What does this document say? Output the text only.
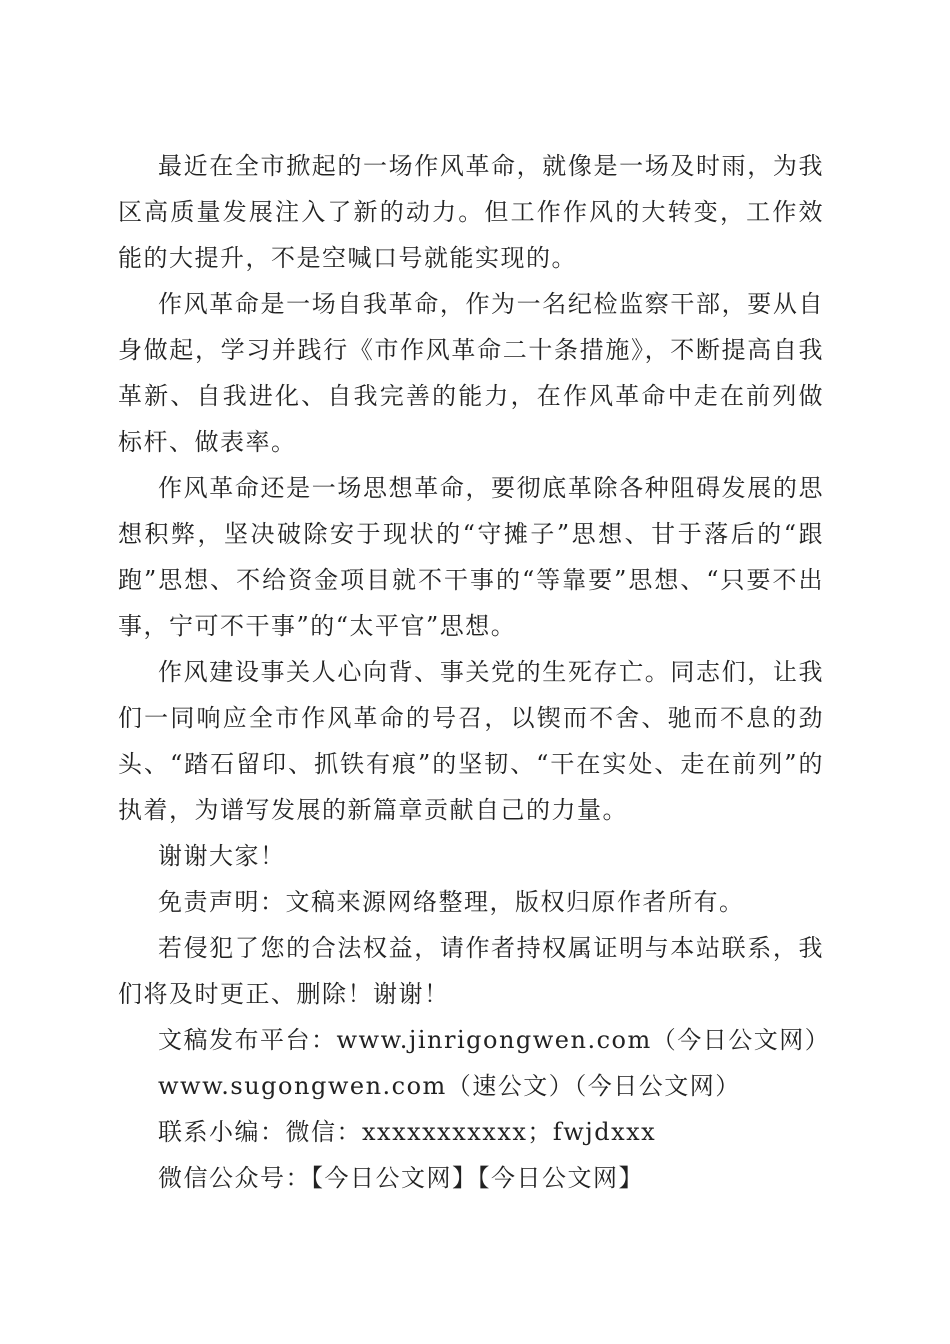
最近在全市掀起的一场作风革命，就像是一场及时雨，为我区高质量发展注入了新的动力。但工作作风的大转变，工作效能的大提升，不是空喊口号就能实现的。

作风革命是一场自我革命，作为一名纪检监察干部，要从自身做起，学习并践行《市作风革命二十条措施》，不断提高自我革新、自我进化、自我完善的能力，在作风革命中走在前列做标杆、做表率。

作风革命还是一场思想革命，要彻底革除各种阻碍发展的思想积弊，坚决破除安于现状的“守摊子”思想、甘于落后的“跟跑”思想、不给资金项目就不干事的“等靠要”思想、“只要不出事，宁可不干事”的“太平官”思想。

作风建设事关人心向背、事关党的生死存亡。同志们，让我们一同响应全市作风革命的号召，以锲而不舍、驰而不息的劲头、“踏石留印、抓铁有痕”的坚韧、“干在实处、走在前列”的执着，为谱写发展的新篇章贡献自己的力量。

谢谢大家！

免责声明：文稿来源网络整理，版权归原作者所有。

若侵犯了您的合法权益，请作者持权属证明与本站联系，我们将及时更正、删除！谢谢！

文稿发布平台：www.jinrigongwen.com（今日公文网）

www.sugongwen.com（速公文）（今日公文网）

联系小编：微信：xxxxxxxxxxx；fwjdxxx

微信公众号：【今日公文网】【今日公文网】
